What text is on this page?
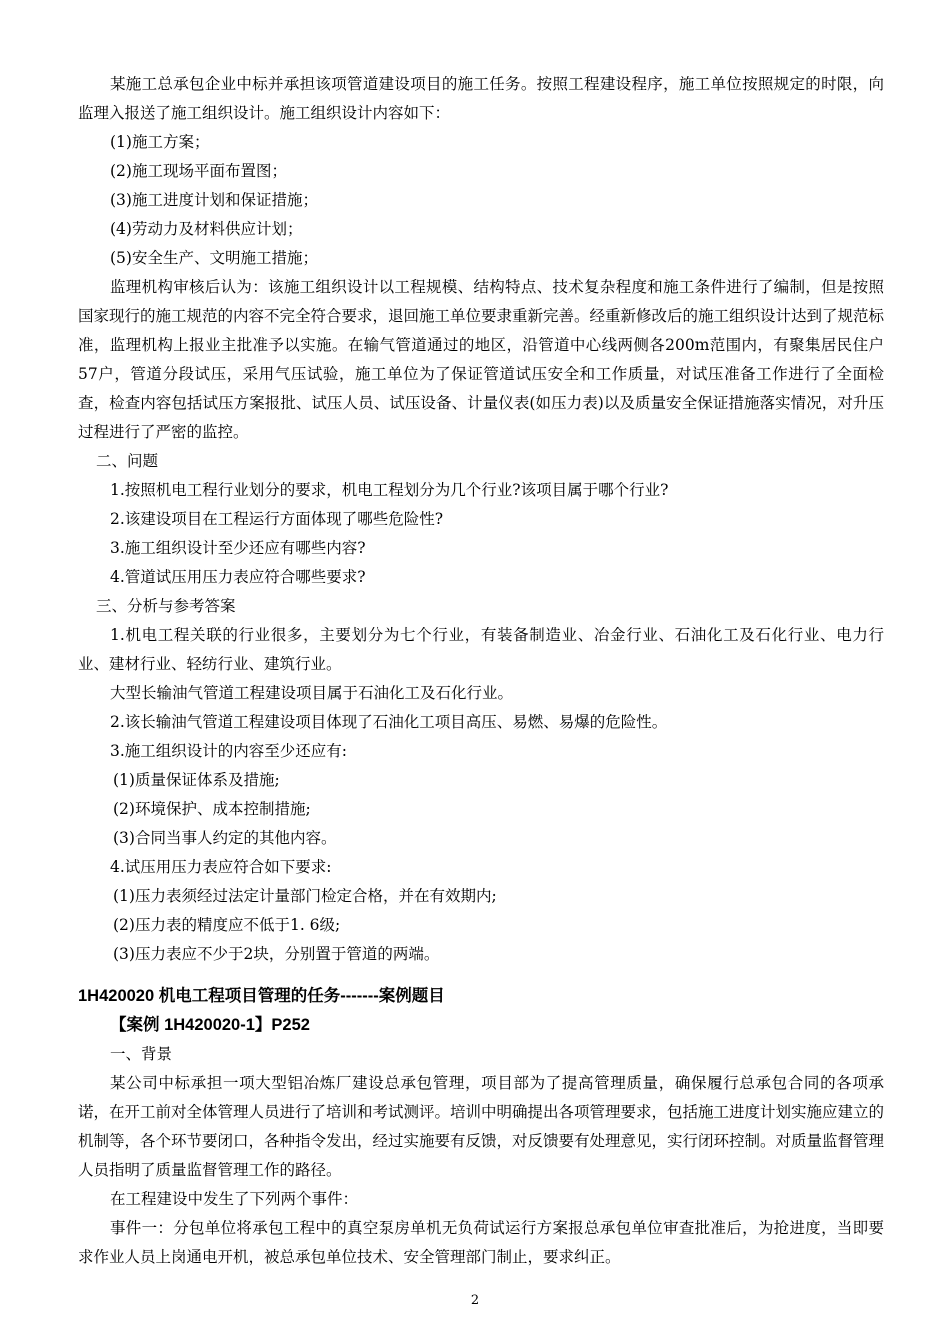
某施工总承包企业中标并承担该项管道建设项目的施工任务。按照工程建设程序，施工单位按照规定的时限，向监理入报送了施工组织设计。施工组织设计内容如下：

(1)施工方案；

(2)施工现场平面布置图；

(3)施工进度计划和保证措施；

(4)劳动力及材料供应计划；

(5)安全生产、文明施工措施；

监理机构审核后认为：该施工组织设计以工程规模、结构特点、技术复杂程度和施工条件进行了编制，但是按照国家现行的施工规范的内容不完全符合要求，退回施工单位要隶重新完善。经重新修改后的施工组织设计达到了规范标准，监理机构上报业主批准予以实施。在输气管道通过的地区，沿管道中心线两侧各200m范围内，有聚集居民住户57户，管道分段试压，采用气压试验，施工单位为了保证管道试压安全和工作质量，对试压准备工作进行了全面检查，检查内容包括试压方案报批、试压人员、试压设备、计量仪表(如压力表)以及质量安全保证措施落实情况，对升压过程进行了严密的监控。

二、问题

1.按照机电工程行业划分的要求，机电工程划分为几个行业?该项目属于哪个行业?

2.该建设项目在工程运行方面体现了哪些危险性?

3.施工组织设计至少还应有哪些内容?

4.管道试压用压力表应符合哪些要求?

三、分析与参考答案

1.机电工程关联的行业很多，主要划分为七个行业，有装备制造业、冶金行业、石油化工及石化行业、电力行业、建材行业、轻纺行业、建筑行业。

大型长输油气管道工程建设项目属于石油化工及石化行业。

2.该长输油气管道工程建设项目体现了石油化工项目高压、易燃、易爆的危险性。

3.施工组织设计的内容至少还应有:

(1)质量保证体系及措施;

(2)环境保护、成本控制措施;

(3)合同当事人约定的其他内容。

4.试压用压力表应符合如下要求:

(1)压力表须经过法定计量部门检定合格，并在有效期内;

(2)压力表的精度应不低于1. 6级;

(3)压力表应不少于2块，分别置于管道的两端。

1H420020 机电工程项目管理的任务-------案例题目

【案例 1H420020-1】P252

一、背景

某公司中标承担一项大型铝冶炼厂建设总承包管理，项目部为了提高管理质量，确保履行总承包合同的各项承诺，在开工前对全体管理人员进行了培训和考试测评。培训中明确提出各项管理要求，包括施工进度计划实施应建立的机制等，各个环节要闭口，各种指令发出，经过实施要有反馈，对反馈要有处理意见，实行闭环控制。对质量监督管理人员指明了质量监督管理工作的路径。

在工程建设中发生了下列两个事件：

事件一：分包单位将承包工程中的真空泵房单机无负荷试运行方案报总承包单位审查批准后，为抢进度，当即要求作业人员上岗通电开机，被总承包单位技术、安全管理部门制止，要求纠正。

2
